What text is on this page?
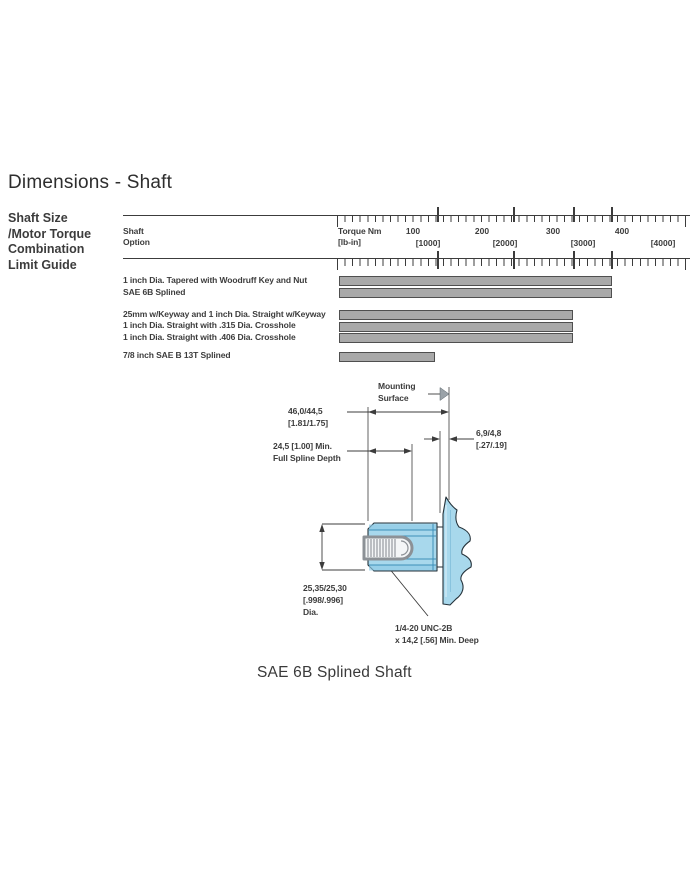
Dimensions - Shaft
Shaft Size
/Motor Torque
Combination
Limit Guide
Shaft
Option
Torque Nm
[lb-in]
1 inch Dia. Tapered with Woodruff Key and Nut
SAE 6B Splined
25mm w/Keyway and 1 inch Dia. Straight w/Keyway
1 inch Dia. Straight with .315 Dia. Crosshole
1 inch Dia. Straight with .406 Dia. Crosshole
7/8 inch SAE B 13T Splined
100	200	300	400
[1000]	[2000]	[3000]	[4000]
Mounting
Surface
46,0/44,5
[1.81/1.75]
24,5 [1.00] Min.
Full Spline Depth
6,9/4,8
[.27/.19]
25,35/25,30
[.998/.996]
Dia.
1/4-20 UNC-2B
x 14,2 [.56] Min. Deep
SAE 6B Splined Shaft
